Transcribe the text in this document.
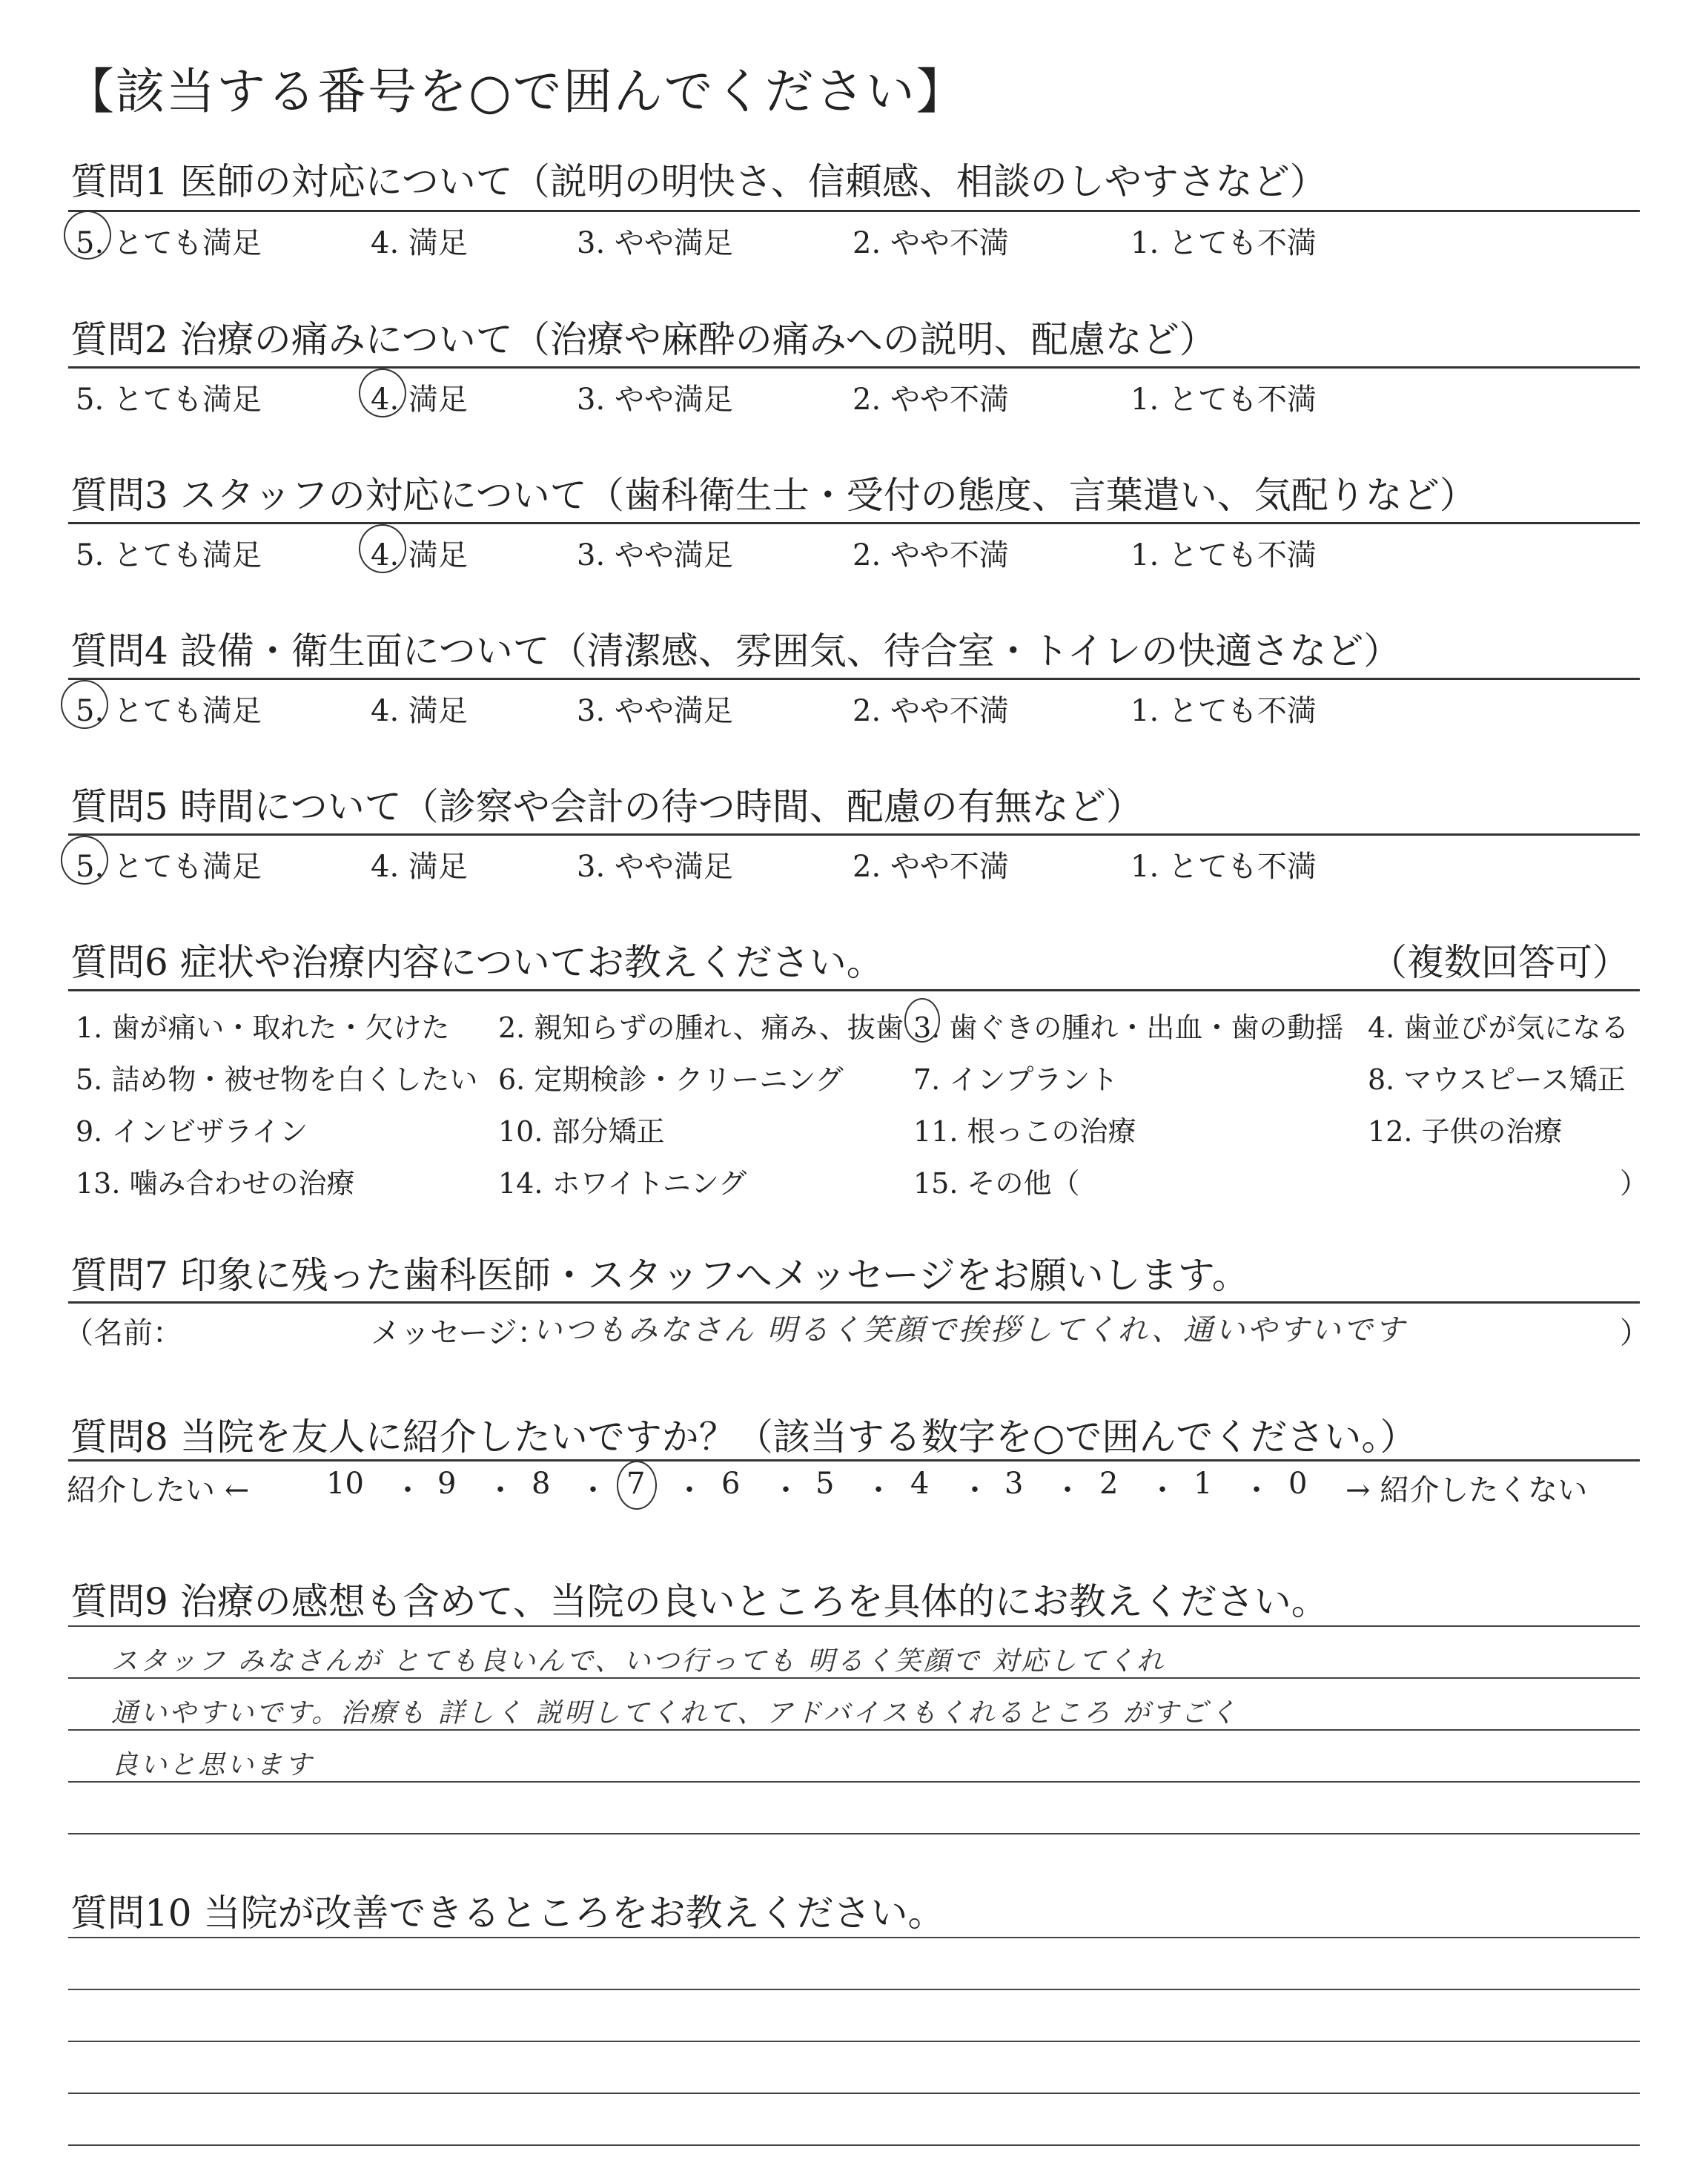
【該当する番号を○で囲んでください】
質問1 医師の対応について（説明の明快さ、信頼感、相談のしやすさなど）
5. とても満足	4. 満足	3. やや満足	2. やや不満	1. とても不満
質問2 治療の痛みについて（治療や麻酔の痛みへの説明、配慮など）
5. とても満足	4. 満足	3. やや満足	2. やや不満	1. とても不満
質問3 スタッフの対応について（歯科衛生士・受付の態度、言葉遣い、気配りなど）
5. とても満足	4. 満足	3. やや満足	2. やや不満	1. とても不満
質問4 設備・衛生面について（清潔感、雰囲気、待合室・トイレの快適さなど）
5. とても満足	4. 満足	3. やや満足	2. やや不満	1. とても不満
質問5 時間について（診察や会計の待つ時間、配慮の有無など）
5. とても満足	4. 満足	3. やや満足	2. やや不満	1. とても不満
質問6 症状や治療内容についてお教えください。	（複数回答可）
1. 歯が痛い・取れた・欠けた 2. 親知らずの腫れ、痛み、抜歯 3. 歯ぐきの腫れ・出血・歯の動揺 4. 歯並びが気になる
5. 詰め物・被せ物を白くしたい 6. 定期検診・クリーニング 7. インプラント	8. マウスピース矯正
9. インビザライン	10. 部分矯正	11. 根っこの治療	12. 子供の治療
13. 噛み合わせの治療	14. ホワイトニング	15. その他（	）
質問7 印象に残った歯科医師・スタッフへメッセージをお願いします。
（名前：	メッセージ：
いつもみなさん 明るく笑顔で挨拶してくれ、通いやすいです	）
質問8 当院を友人に紹介したいですか？（該当する数字を○で囲んでください。）
紹介したい ←	10 ・ 9 ・ 8 ・ 7 ・ 6 ・ 5 ・ 4 ・ 3 ・ 2 ・ 1 ・ 0 → 紹介したくない
質問9 治療の感想も含めて、当院の良いところを具体的にお教えください。
スタッフ みなさんが とても良いんで、いつ行っても 明るく笑顔で 対応してくれ
通いやすいです。治療も 詳しく 説明してくれて、アドバイスもくれるところ がすごく
良いと思います
質問10 当院が改善できるところをお教えください。
